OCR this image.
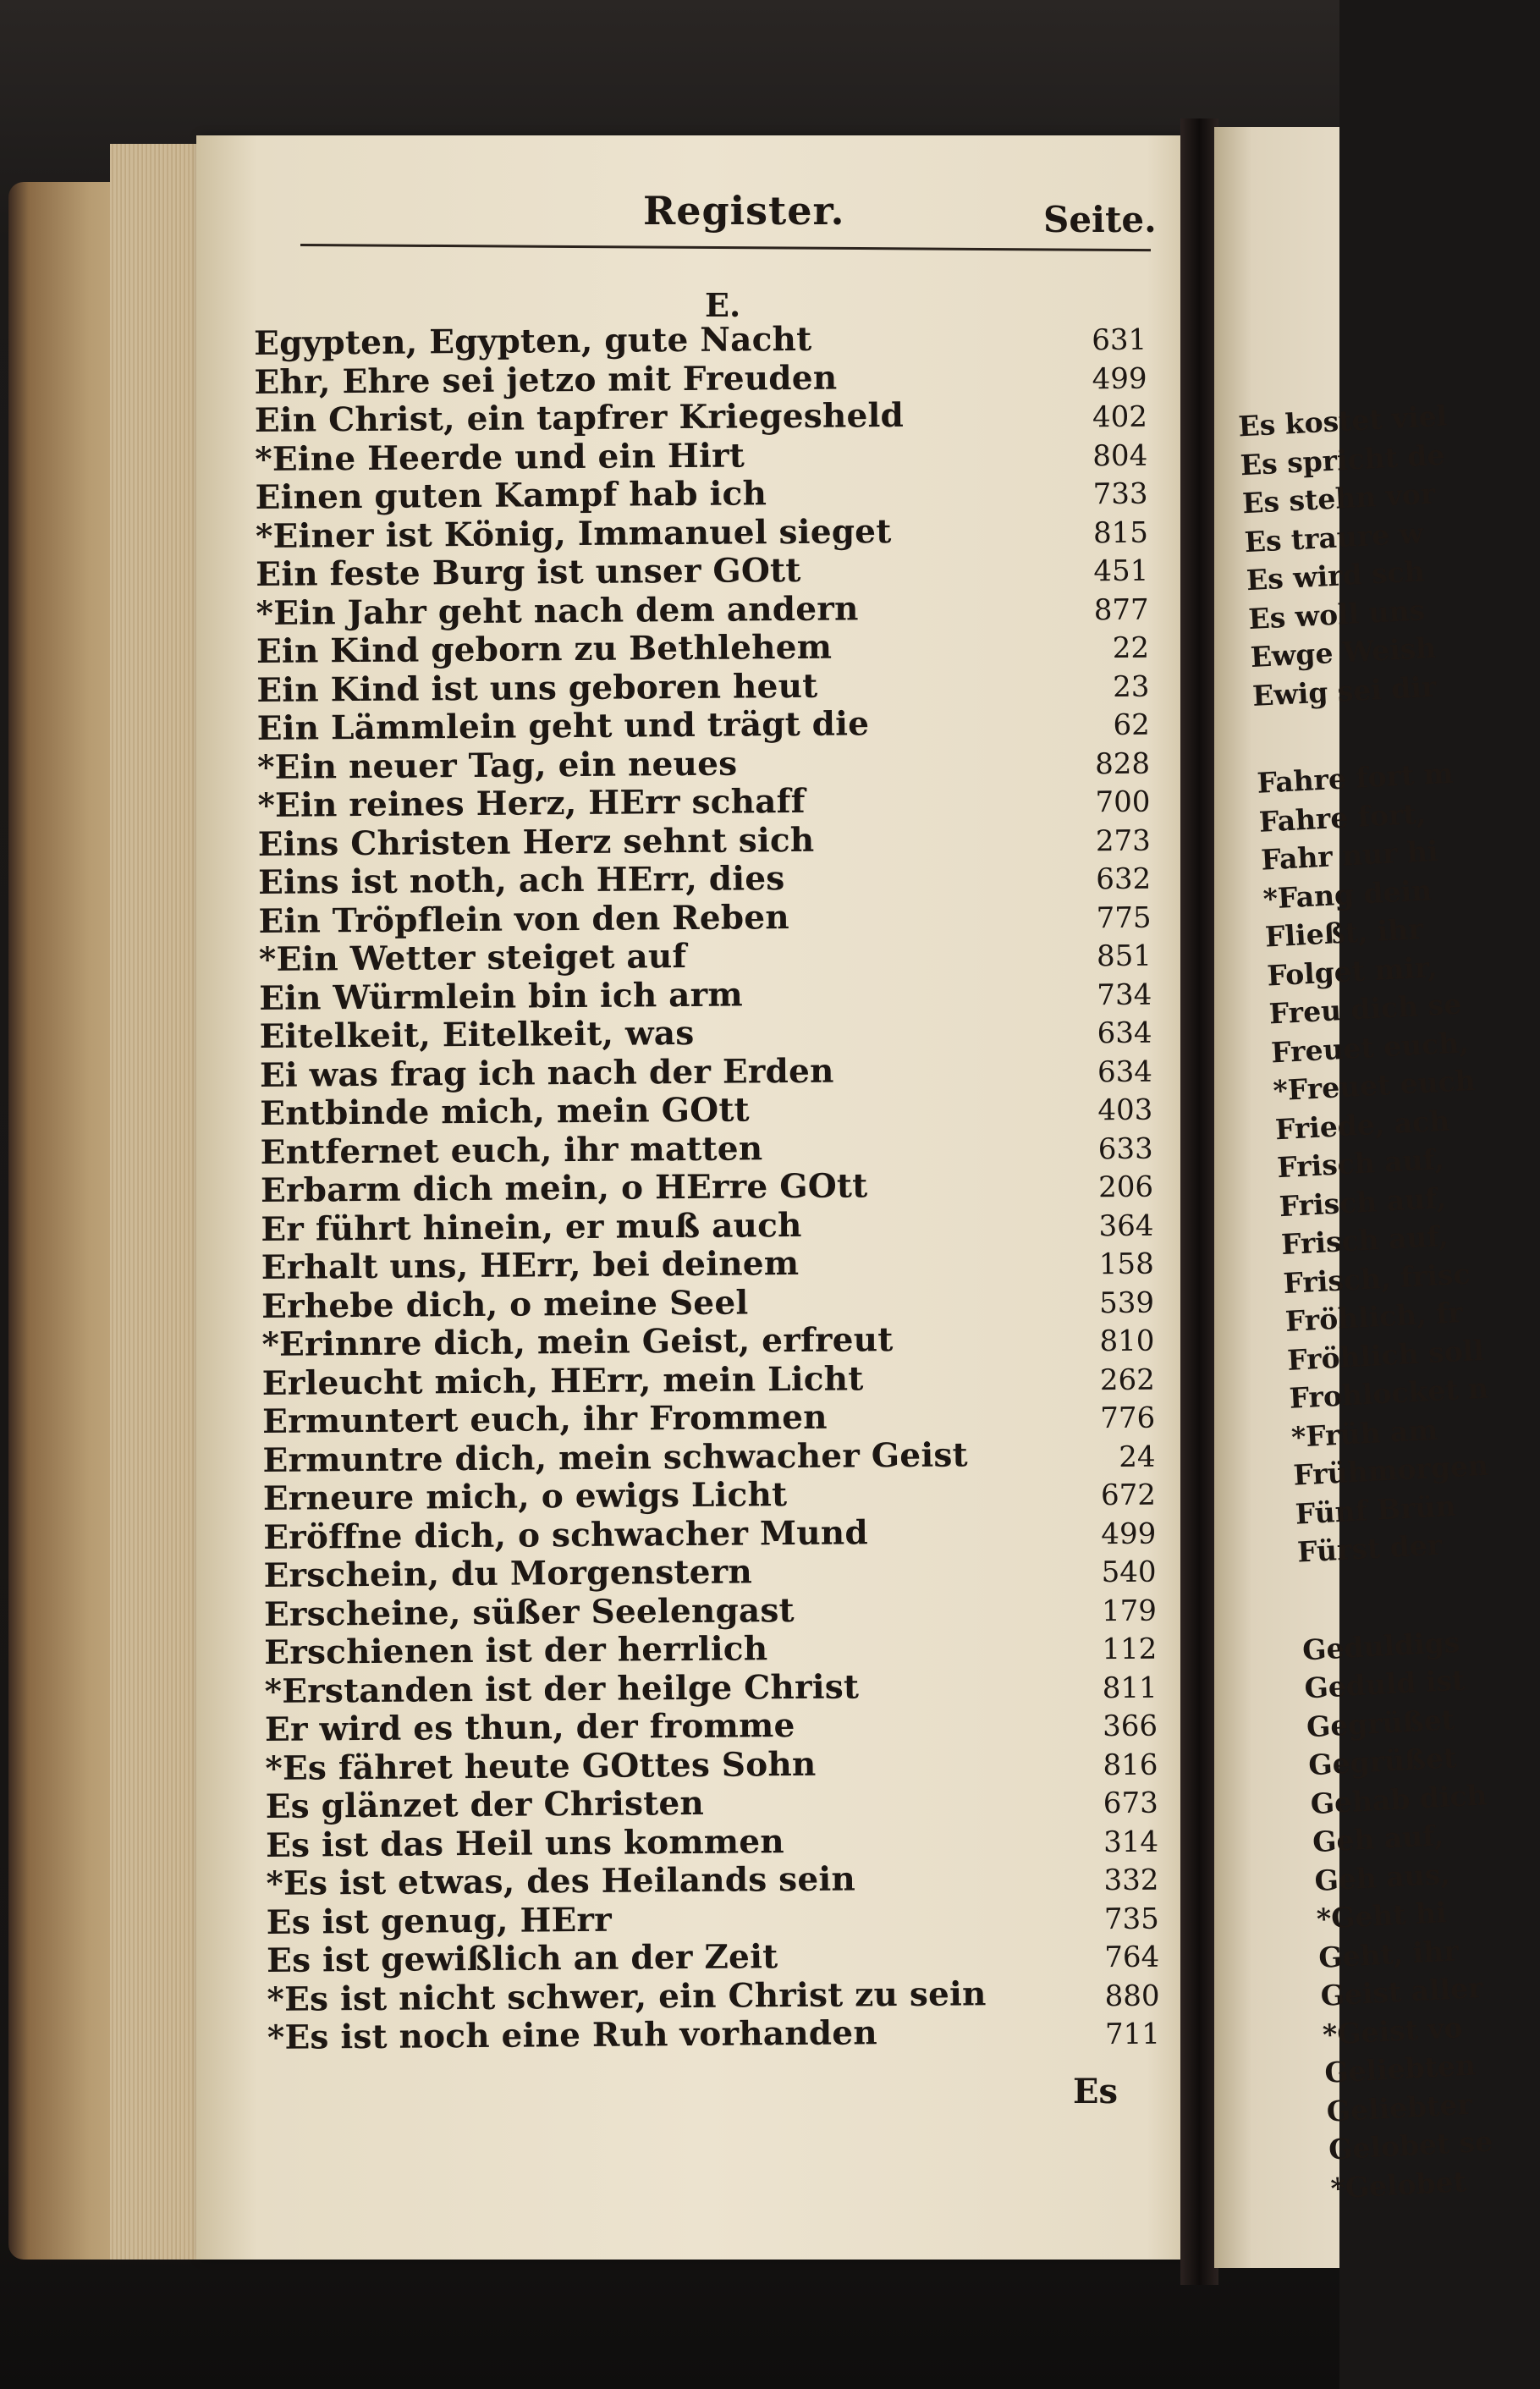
Es kostet viel
Es spricht de
Es stehn vor
Es traure w
Es wird sch
Es woll uns
Ewge Weish
Ewig sei dir
Fahre fort m
Fahre fort,
Fahr nur hi
*Fang dein
Fließt, ihr
Folget mir,
Freu dich se
Freuet euch,
*Freuet euch
Friede, ach
Frisch auf,
Frisch auf,
Frisch auf,
Frisch, frisc
Fröhlich, fr
Fröhlich soll
Frohlocket n
*Früh am
Frühmorgen
Fünf Brün
Fürst der
Geduldigs
Geduld ist
Gegrüßet
Gegrüßet
Gehab dich
Geh auf,
Geh aus,
*Geht hi
Geht, ihr
Geist aller
*Geist vo
Geliebten
Geliebter
Gelobet se
*Gelobet
Register.	Seite.
E.
Egypten, Egypten, gute Nacht	631
Ehr, Ehre sei jetzo mit Freuden	499
Ein Christ, ein tapfrer Kriegesheld	402
*Eine Heerde und ein Hirt	804
Einen guten Kampf hab ich	733
*Einer ist König, Immanuel sieget	815
Ein feste Burg ist unser GOtt	451
*Ein Jahr geht nach dem andern	877
Ein Kind geborn zu Bethlehem	22
Ein Kind ist uns geboren heut	23
Ein Lämmlein geht und trägt die	62
*Ein neuer Tag, ein neues	828
*Ein reines Herz, HErr schaff	700
Eins Christen Herz sehnt sich	273
Eins ist noth, ach HErr, dies	632
Ein Tröpflein von den Reben	775
*Ein Wetter steiget auf	851
Ein Würmlein bin ich arm	734
Eitelkeit, Eitelkeit, was	634
Ei was frag ich nach der Erden	634
Entbinde mich, mein GOtt	403
Entfernet euch, ihr matten	633
Erbarm dich mein, o HErre GOtt	206
Er führt hinein, er muß auch	364
Erhalt uns, HErr, bei deinem	158
Erhebe dich, o meine Seel	539
*Erinnre dich, mein Geist, erfreut	810
Erleucht mich, HErr, mein Licht	262
Ermuntert euch, ihr Frommen	776
Ermuntre dich, mein schwacher Geist	24
Erneure mich, o ewigs Licht	672
Eröffne dich, o schwacher Mund	499
Erschein, du Morgenstern	540
Erscheine, süßer Seelengast	179
Erschienen ist der herrlich	112
*Erstanden ist der heilge Christ	811
Er wird es thun, der fromme	366
*Es fähret heute GOttes Sohn	816
Es glänzet der Christen	673
Es ist das Heil uns kommen	314
*Es ist etwas, des Heilands sein	332
Es ist genug, HErr	735
Es ist gewißlich an der Zeit	764
*Es ist nicht schwer, ein Christ zu sein	880
*Es ist noch eine Ruh vorhanden	711
Es
